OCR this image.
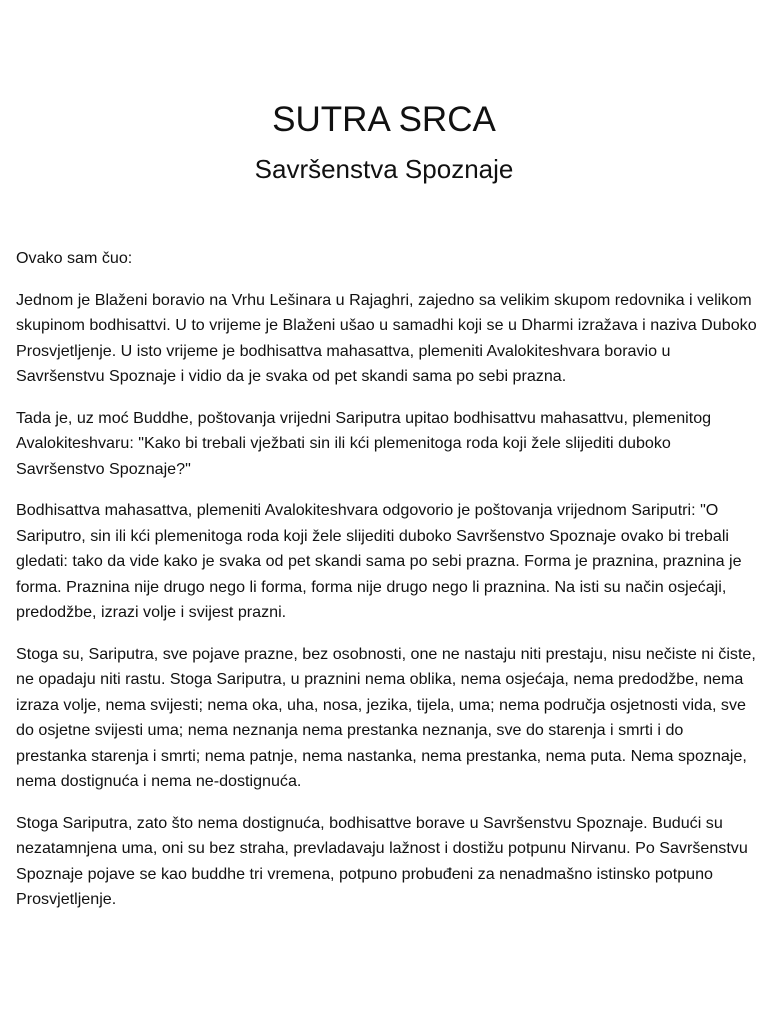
SUTRA SRCA
Savršenstva Spoznaje

Ovako sam čuo:

Jednom je Blaženi boravio na Vrhu Lešinara u Rajaghri, zajedno sa velikim skupom redovnika i velikom skupinom bodhisattvi. U to vrijeme je Blaženi ušao u samadhi koji se u Dharmi izražava i naziva Duboko Prosvjetljenje. U isto vrijeme je bodhisattva mahasattva, plemeniti Avalokiteshvara boravio u Savršenstvu Spoznaje i vidio da je svaka od pet skandi sama po sebi prazna.

Tada je, uz moć Buddhe, poštovanja vrijedni Sariputra upitao bodhisattvu mahasattvu, plemenitog Avalokiteshvaru: "Kako bi trebali vježbati sin ili kći plemenitoga roda koji žele slijediti duboko Savršenstvo Spoznaje?"

Bodhisattva mahasattva, plemeniti Avalokiteshvara odgovorio je poštovanja vrijednom Sariputri: "O Sariputro, sin ili kći plemenitoga roda koji žele slijediti duboko Savršenstvo Spoznaje ovako bi trebali gledati: tako da vide kako je svaka od pet skandi sama po sebi prazna. Forma je praznina, praznina je forma. Praznina nije drugo nego li forma, forma nije drugo nego li praznina. Na isti su način osjećaji, predodžbe, izrazi volje i svijest prazni.

Stoga su, Sariputra, sve pojave prazne, bez osobnosti, one ne nastaju niti prestaju, nisu nečiste ni čiste, ne opadaju niti rastu. Stoga Sariputra, u praznini nema oblika, nema osjećaja, nema predodžbe, nema izraza volje, nema svijesti; nema oka, uha, nosa, jezika, tijela, uma; nema područja osjetnosti vida, sve do osjetne svijesti uma; nema neznanja nema prestanka neznanja, sve do starenja i smrti i do prestanka starenja i smrti; nema patnje, nema nastanka, nema prestanka, nema puta. Nema spoznaje, nema dostignuća i nema ne-dostignuća.

Stoga Sariputra, zato što nema dostignuća, bodhisattve borave u Savršenstvu Spoznaje. Budući su nezatamnjena uma, oni su bez straha, prevladavaju lažnost i dostižu potpunu Nirvanu. Po Savršenstvu Spoznaje pojave se kao buddhe tri vremena, potpuno probuđeni za nenadmašno istinsko potpuno Prosvjetljenje.
